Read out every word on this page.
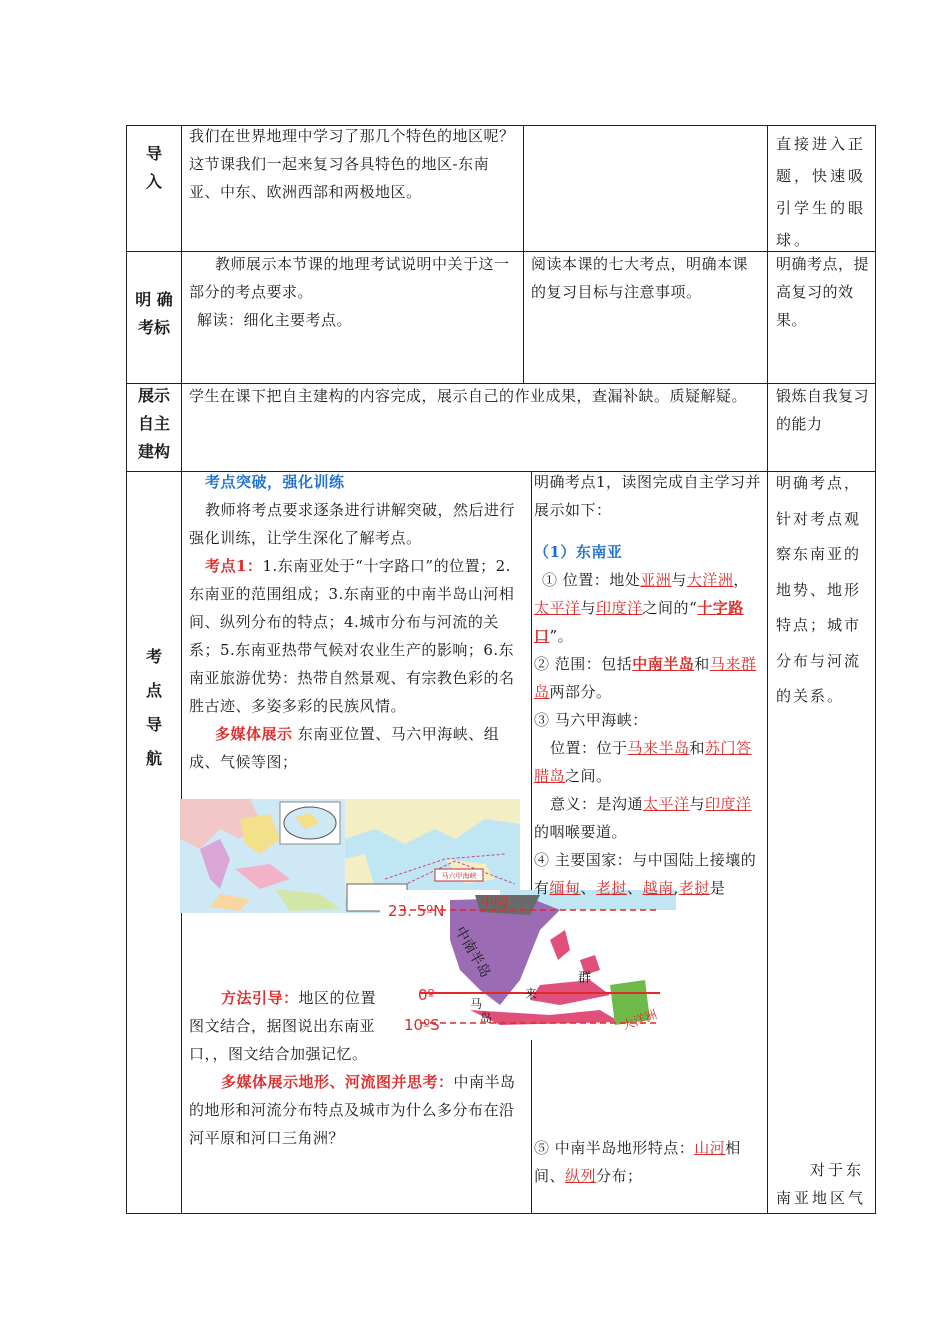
导
入

我们在世界地理中学习了那几个特色的地区呢？这节课我们一起来复习各具特色的地区-东南亚、中东、欧洲西部和两极地区。

直接进入正题，快速吸引学生的眼球。

明 确
考标

教师展示本节课的地理考试说明中关于这一部分的考点要求。

解读：细化主要考点。

阅读本课的七大考点，明确本课的复习目标与注意事项。

明确考点，提高复习的效果。

展示
自主
建构

学生在课下把自主建构的内容完成，展示自己的作业成果，查漏补缺。质疑解疑。	锻炼自我复习的能力

考
点
导
航

考点突破，强化训练

教师将考点要求逐条进行讲解突破，然后进行强化训练，让学生深化了解考点。

考点1：1.东南亚处于“十字路口”的位置；2.东南亚的范围组成；3.东南亚的中南半岛山河相间、纵列分布的特点；4.城市分布与河流的关系；5.东南亚热带气候对农业生产的影响；6.东南亚旅游优势：热带自然景观、有宗教色彩的名胜古迹、多姿多彩的民族风情。

多媒体展示 东南亚位置、马六甲海峡、组成、气候等图；

马六甲海峡
23. 5ºN
0º
10ºS
中国
中南半岛
来
马
岛
群
大洋洲

方法引导：地区的位置

图文结合，据图说出东南亚

口，，图文结合加强记忆。

多媒体展示地形、河流图并思考：中南半岛的地形和河流分布特点及城市为什么多分布在沿河平原和河口三角洲？

明确考点1，读图完成自主学习并展示如下：

（1）东南亚

① 位置：地处亚洲与大洋洲，太平洋与印度洋之间的“十字路口”。

② 范围：包括中南半岛和马来群岛两部分。

③ 马六甲海峡：

位置：位于马来半岛和苏门答腊岛之间。

意义：是沟通太平洋与印度洋的咽喉要道。

④ 主要国家：与中国陆上接壤的有缅甸、老挝、越南,老挝是

⑤ 中南半岛地形特点：山河相间、纵列分布；

明确考点，针对考点观察东南亚的地势、地形特点；城市分布与河流的关系。

对于东南亚地区气
